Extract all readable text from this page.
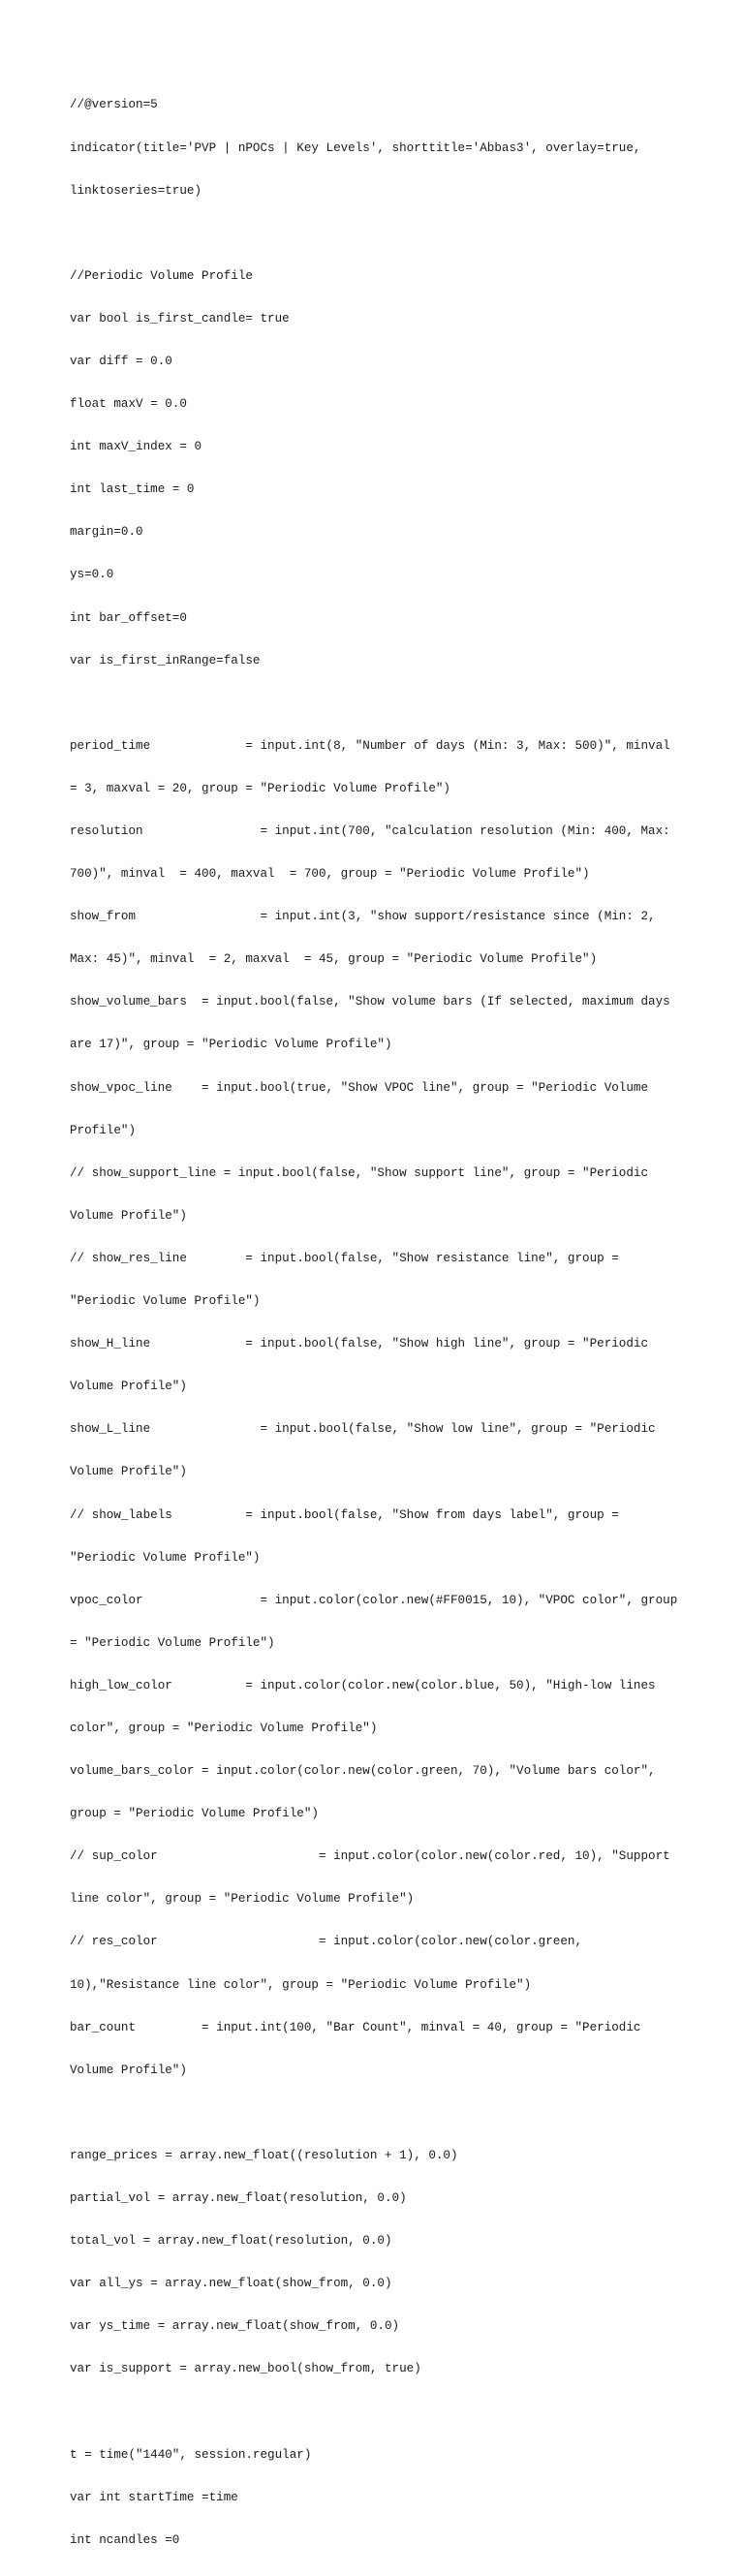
//@version=5

indicator(title='PVP | nPOCs | Key Levels', shorttitle='Abbas3', overlay=true,

linktoseries=true)

//Periodic Volume Profile

var bool is_first_candle= true

var diff = 0.0

float maxV = 0.0

int maxV_index = 0

int last_time = 0

margin=0.0

ys=0.0

int bar_offset=0

var is_first_inRange=false

period_time             = input.int(8, "Number of days (Min: 3, Max: 500)", minval

= 3, maxval = 20, group = "Periodic Volume Profile")

resolution                = input.int(700, "calculation resolution (Min: 400, Max:

700)", minval  = 400, maxval  = 700, group = "Periodic Volume Profile")

show_from                 = input.int(3, "show support/resistance since (Min: 2,

Max: 45)", minval  = 2, maxval  = 45, group = "Periodic Volume Profile")

show_volume_bars  = input.bool(false, "Show volume bars (If selected, maximum days

are 17)", group = "Periodic Volume Profile")

show_vpoc_line    = input.bool(true, "Show VPOC line", group = "Periodic Volume

Profile")

// show_support_line = input.bool(false, "Show support line", group = "Periodic

Volume Profile")

// show_res_line        = input.bool(false, "Show resistance line", group =

"Periodic Volume Profile")

show_H_line             = input.bool(false, "Show high line", group = "Periodic

Volume Profile")

show_L_line               = input.bool(false, "Show low line", group = "Periodic

Volume Profile")

// show_labels          = input.bool(false, "Show from days label", group =

"Periodic Volume Profile")

vpoc_color                = input.color(color.new(#FF0015, 10), "VPOC color", group

= "Periodic Volume Profile")

high_low_color          = input.color(color.new(color.blue, 50), "High-low lines

color", group = "Periodic Volume Profile")

volume_bars_color = input.color(color.new(color.green, 70), "Volume bars color",

group = "Periodic Volume Profile")

// sup_color                      = input.color(color.new(color.red, 10), "Support

line color", group = "Periodic Volume Profile")

// res_color                      = input.color(color.new(color.green,

10),"Resistance line color", group = "Periodic Volume Profile")

bar_count         = input.int(100, "Bar Count", minval = 40, group = "Periodic

Volume Profile")

range_prices = array.new_float((resolution + 1), 0.0)

partial_vol = array.new_float(resolution, 0.0)

total_vol = array.new_float(resolution, 0.0)

var all_ys = array.new_float(show_from, 0.0)

var ys_time = array.new_float(show_from, 0.0)

var is_support = array.new_bool(show_from, true)

t = time("1440", session.regular)

var int startTime =time

int ncandles =0
